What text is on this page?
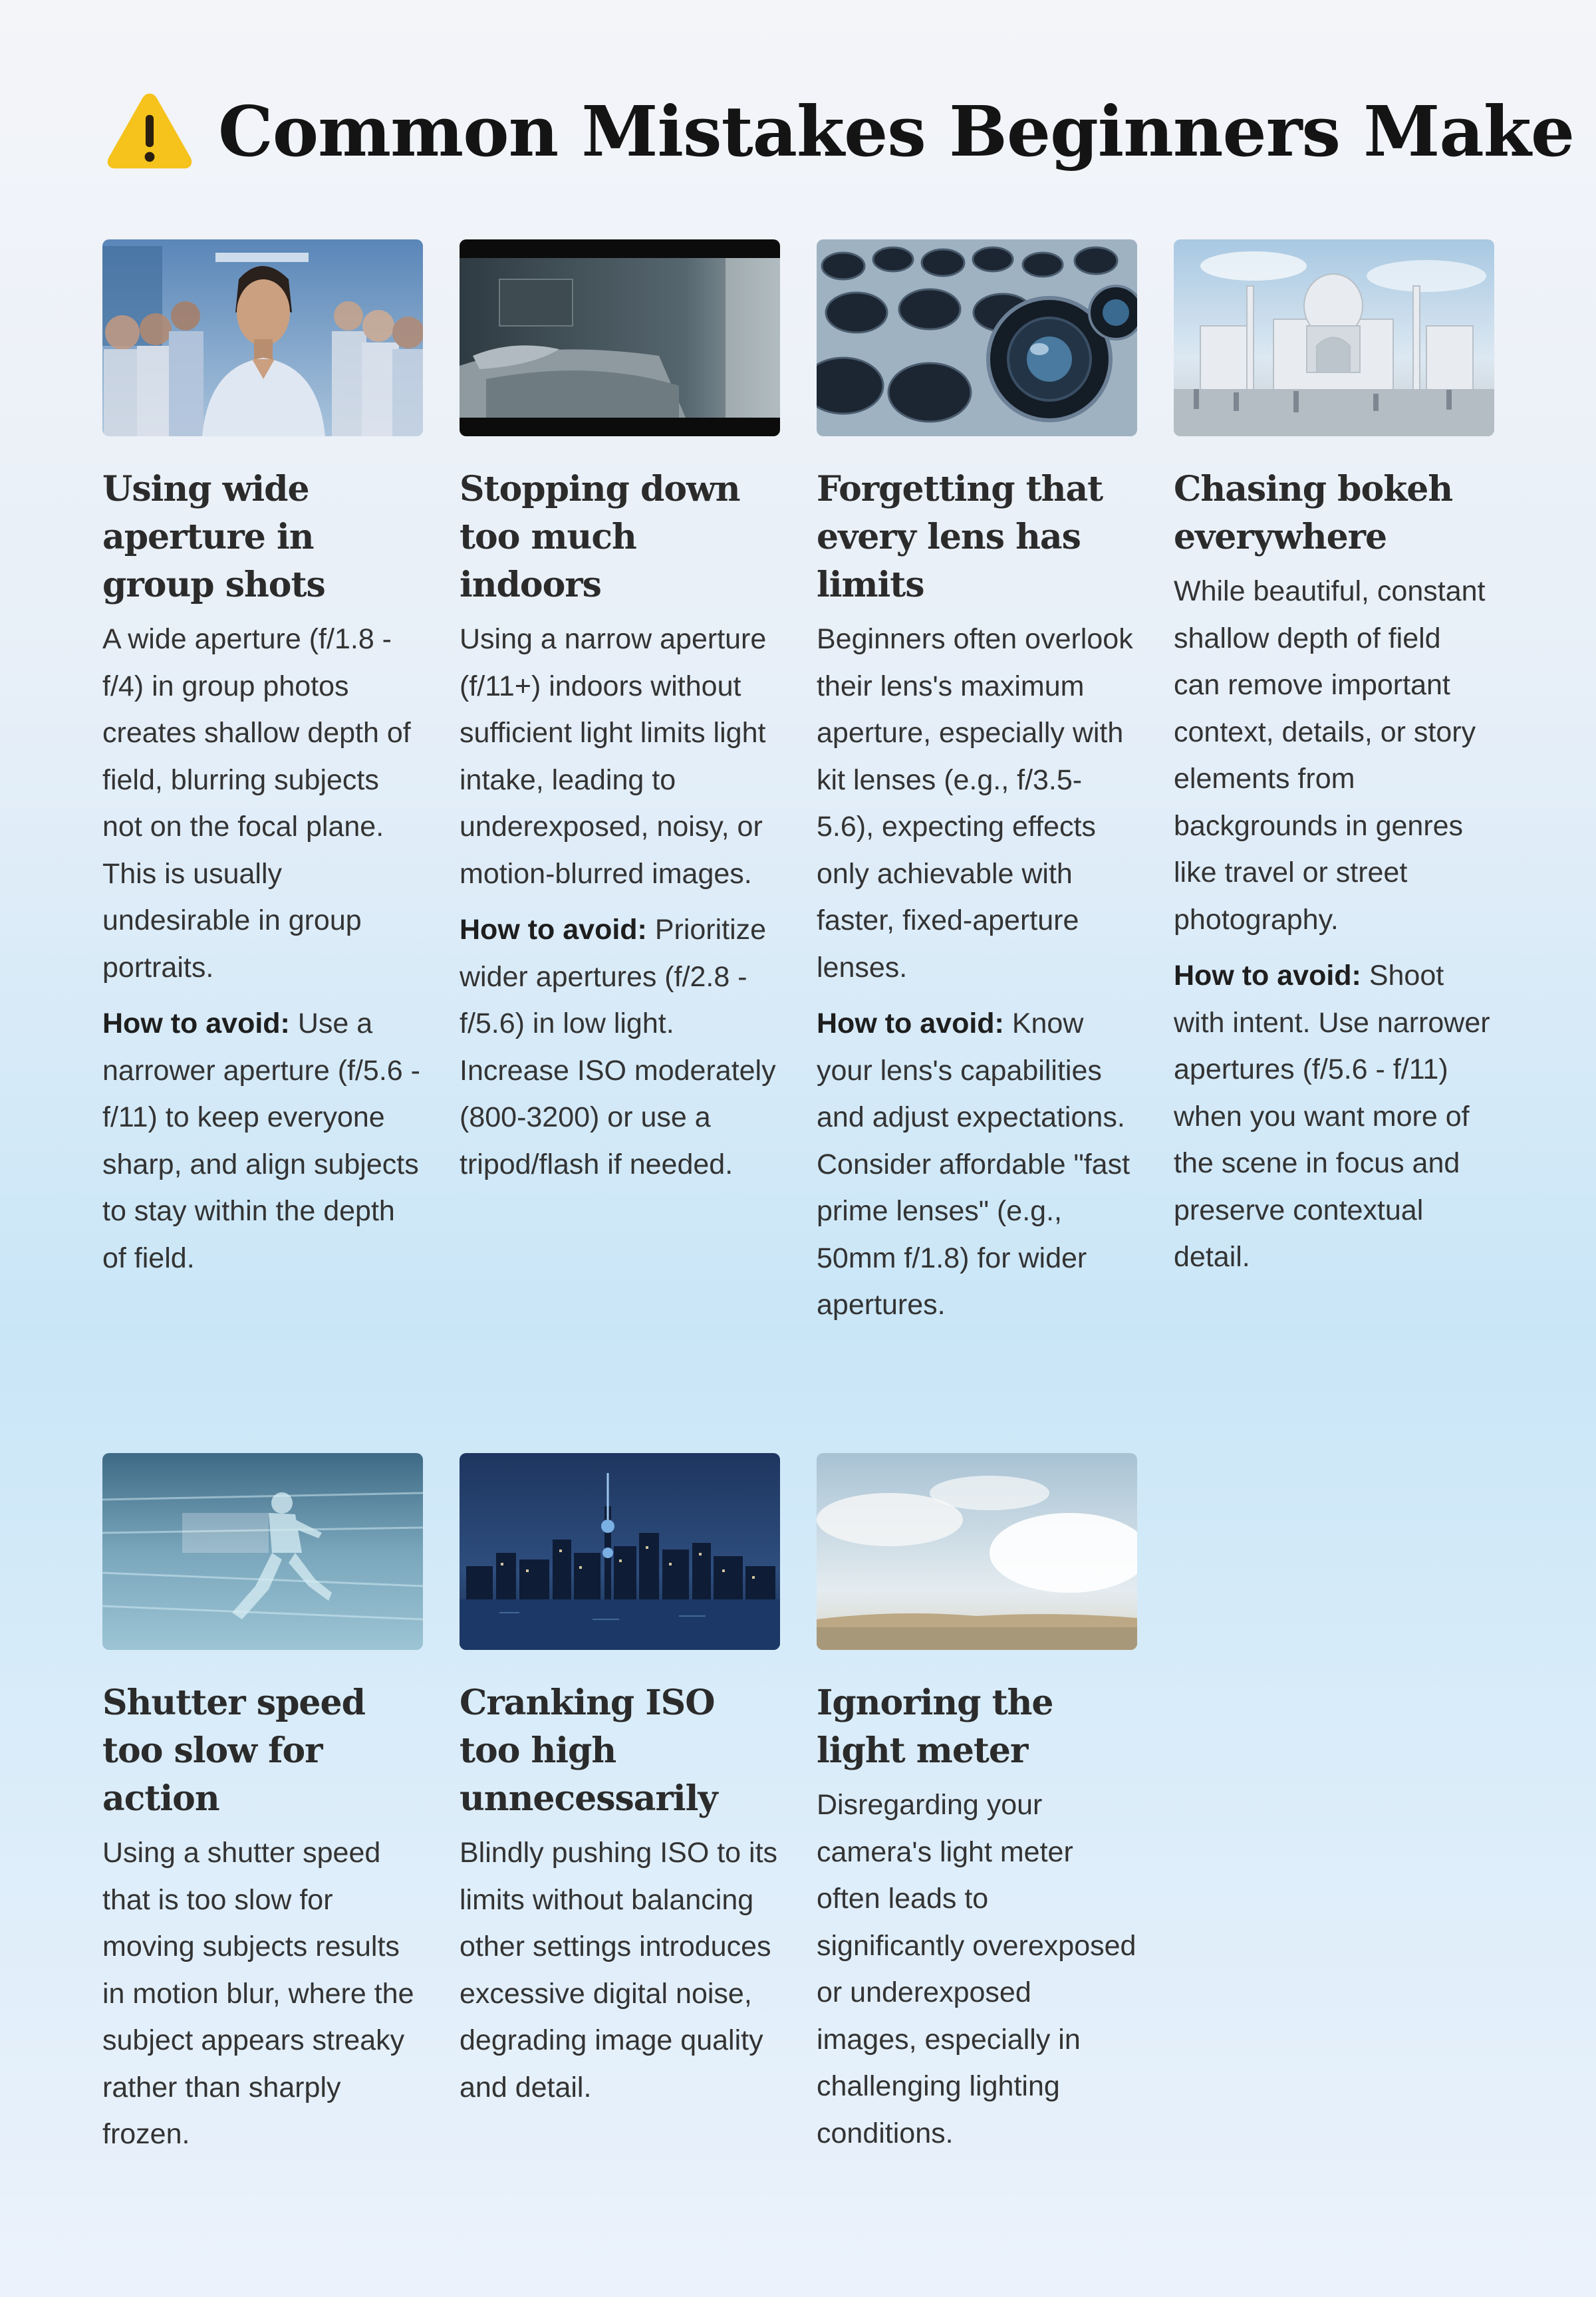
Common Mistakes Beginners Make
Using wide aperture in group shots

A wide aperture (f/1.8 - f/4) in group photos creates shallow depth of field, blurring subjects not on the focal plane. This is usually undesirable in group portraits.

How to avoid: Use a narrower aperture (f/5.6 - f/11) to keep everyone sharp, and align subjects to stay within the depth of field.

Stopping down too much indoors

Using a narrow aperture (f/11+) indoors without sufficient light limits light intake, leading to underexposed, noisy, or motion-blurred images.

How to avoid: Prioritize wider apertures (f/2.8 - f/5.6) in low light. Increase ISO moderately (800-3200) or use a tripod/flash if needed.

Forgetting that every lens has limits

Beginners often overlook their lens's maximum aperture, especially with kit lenses (e.g., f/3.5-5.6), expecting effects only achievable with faster, fixed-aperture lenses.

How to avoid: Know your lens's capabilities and adjust expectations. Consider affordable "fast prime lenses" (e.g., 50mm f/1.8) for wider apertures.

Chasing bokeh everywhere

While beautiful, constant shallow depth of field can remove important context, details, or story elements from backgrounds in genres like travel or street photography.

How to avoid: Shoot with intent. Use narrower apertures (f/5.6 - f/11) when you want more of the scene in focus and preserve contextual detail.

Shutter speed too slow for action

Using a shutter speed that is too slow for moving subjects results in motion blur, where the subject appears streaky rather than sharply frozen.

Cranking ISO too high unnecessarily

Blindly pushing ISO to its limits without balancing other settings introduces excessive digital noise, degrading image quality and detail.

Ignoring the light meter

Disregarding your camera's light meter often leads to significantly overexposed or underexposed images, especially in challenging lighting conditions.
